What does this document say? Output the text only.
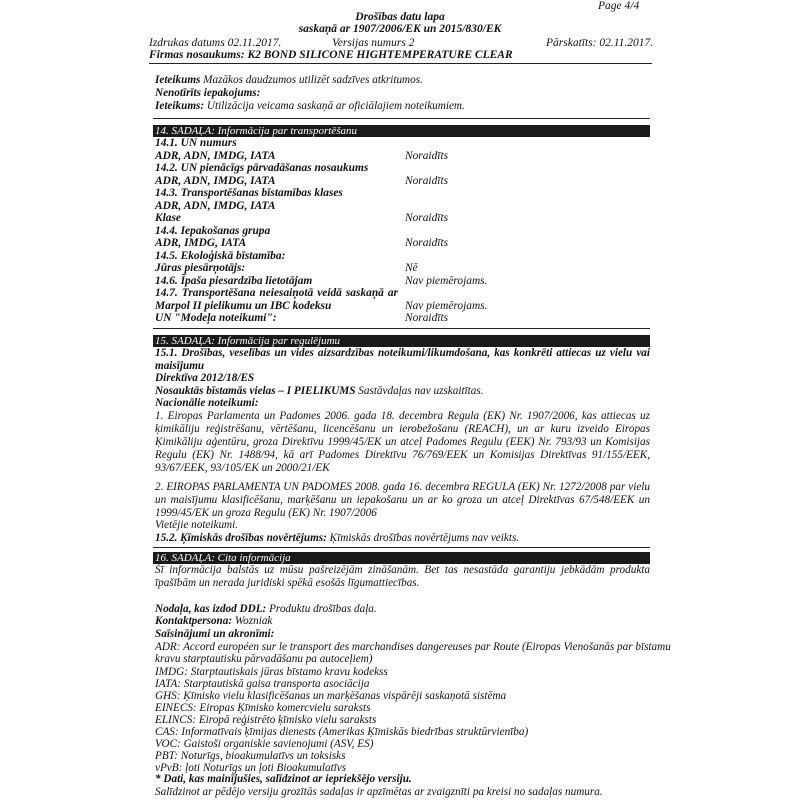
Page 4/4
Drošības datu lapa
saskaņā ar 1907/2006/EK un 2015/830/EK
Izdrukas datums 02.11.2017.	Versijas numurs 2	Pārskatīts: 02.11.2017.
Firmas nosaukums: K2 BOND SILICONE HIGHTEMPERATURE CLEAR
Ieteikums Mazākos daudzumos utilizēt sadzīves atkritumos.
Nenotīrīts iepakojums:
Ieteikums: Utilizācija veicama saskaņā ar oficiālajiem noteikumiem.
14. SADAĻA: Informācija par transportēšanu
14.1. UN numurs
ADR, ADN, IMDG, IATA	Noraidīts
14.2. UN pienācīgs pārvadāšanas nosaukums
ADR, ADN, IMDG, IATA	Noraidīts
14.3. Transportēšanas bīstamības klases
ADR, ADN, IMDG, IATA
Klase	Noraidīts
14.4. Iepakošanas grupa
ADR, IMDG, IATA	Noraidīts
14.5. Ekoloģiskā bīstamība:
Jūras piesārņotājs:	Nē
14.6. Īpaša piesardzība lietotājam	Nav piemērojams.
14.7. Transportēšana neiesaiņotā veidā saskaņā ar
Marpol II pielikumu un IBC kodeksu	Nav piemērojams.
UN "Modeļa noteikumi":	Noraidīts
15. SADAĻA: Informācija par regulējumu
15.1. Drošības, veselības un vides aizsardzības noteikumi/likumdošana, kas konkrēti attiecas uz vielu vai
maisījumu
Direktīva 2012/18/ES
Nosauktās bīstamās vielas – I PIELIKUMS Sastāvdaļas nav uzskaitītas.
Nacionālie noteikumi:
1. Eiropas Parlamenta un Padomes 2006. gada 18. decembra Regula (EK) Nr. 1907/2006, kas attiecas uz ķimikāliju reģistrēšanu, vērtēšanu, licencēšanu un ierobežošanu (REACH), un ar kuru izveido Eiropas Ķimikāliju aģentūru, groza Direktīvu 1999/45/EK un atceļ Padomes Regulu (EEK) Nr. 793/93 un Komisijas Regulu (EK) Nr. 1488/94, kā arī Padomes Direktīvu 76/769/EEK un Komisijas Direktīvas 91/155/EEK, 93/67/EEK, 93/105/EK un 2000/21/EK
2. EIROPAS PARLAMENTA UN PADOMES 2008. gada 16. decembra REGULA (EK) Nr. 1272/2008 par vielu un maisījumu klasificēšanu, marķēšanu un iepakošanu un ar ko groza un atceļ Direktīvas 67/548/EEK un 1999/45/EK un groza Regulu (EK) Nr. 1907/2006
Vietējie noteikumi.
15.2. Ķīmiskās drošības novērtējums: Ķīmiskās drošības novērtējums nav veikts.
16. SADAĻA: Cita informācija
Šī informācija balstās uz mūsu pašreizējām zināšanām. Bet tas nesastāda garantiju jebkādām produkta īpašībām un nerada juridiski spēkā esošās līgumattiecības.
Nodaļa, kas izdod DDL: Produktu drošības daļa.
Kontaktpersona: Wozniak
Saīsinājumi un akronīmi:
ADR: Accord européen sur le transport des marchandises dangereuses par Route (Eiropas Vienošanās par bīstamu
kravu starptautisku pārvadāšanu pa autoceļiem)
IMDG: Starptautiskais jūras bīstamo kravu kodekss
IATA: Starptautiskā gaisa transporta asociācija
GHS: Ķīmisko vielu klasificēšanas un marķēšanas vispārēji saskaņotā sistēma
EINECS: Eiropas Ķīmisko komercvielu saraksts
ELINCS: Eiropā reģistrēto ķīmisko vielu saraksts
CAS: Informatīvais ķīmijas dienests (Amerikas Ķīmiskās biedrības struktūrvienība)
VOC: Gaistoši organiskie savienojumi (ASV, ES)
PBT: Noturīgs, bioakumulatīvs un toksisks
vPvB: ļoti Noturīgs un ļoti Bioakumulatīvs
* Dati, kas mainījušies, salīdzinot ar iepriekšējo versiju.
Salīdzinot ar pēdējo versiju grozītās sadaļas ir apzīmētas ar zvaigznīti pa kreisi no sadaļas numura.
